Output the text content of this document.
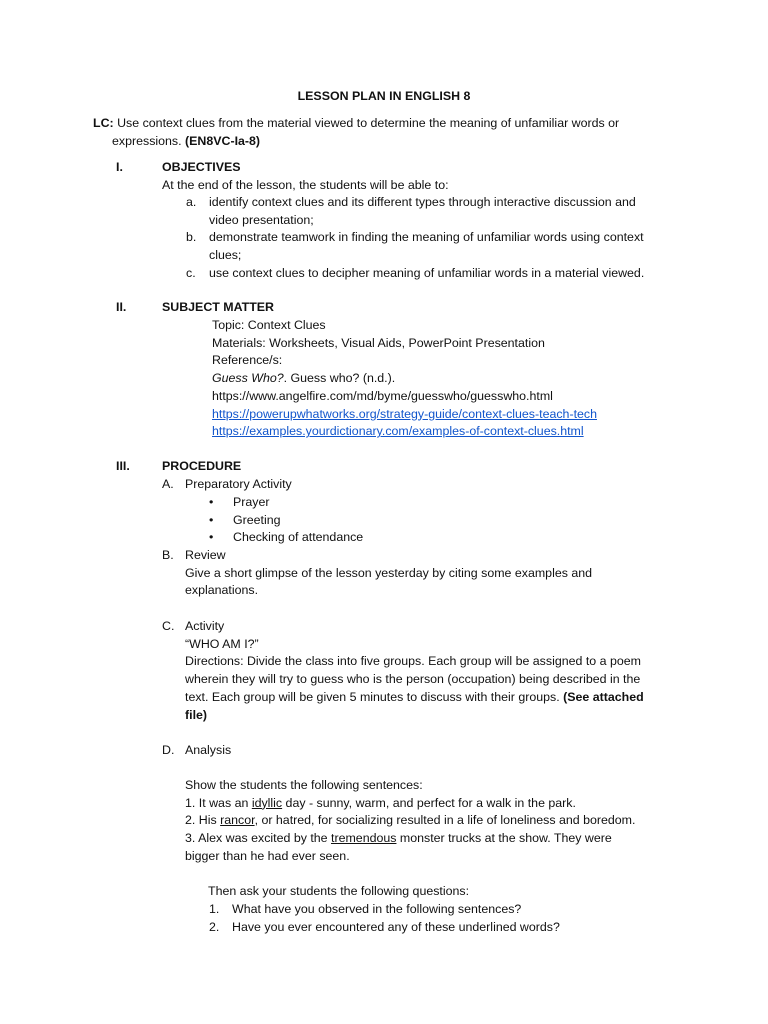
LESSON PLAN IN ENGLISH 8
LC: Use context clues from the material viewed to determine the meaning of unfamiliar words or
expressions. (EN8VC-Ia-8)
I.	OBJECTIVES
At the end of the lesson, the students will be able to:
a.	identify context clues and its different types through interactive discussion and
video presentation;
b.	demonstrate teamwork in finding the meaning of unfamiliar words using context
clues;
c.	use context clues to decipher meaning of unfamiliar words in a material viewed.
II.	SUBJECT MATTER
Topic: Context Clues
Materials: Worksheets, Visual Aids, PowerPoint Presentation
Reference/s:
Guess Who?. Guess who? (n.d.).
https://www.angelfire.com/md/byme/guesswho/guesswho.html
https://powerupwhatworks.org/strategy-guide/context-clues-teach-tech
https://examples.yourdictionary.com/examples-of-context-clues.html
III.	PROCEDURE
A. Preparatory Activity
•	Prayer
•	Greeting
•	Checking of attendance
B. Review
Give a short glimpse of the lesson yesterday by citing some examples and
explanations.
C. Activity
“WHO AM I?”
Directions: Divide the class into five groups. Each group will be assigned to a poem
wherein they will try to guess who is the person (occupation) being described in the
text. Each group will be given 5 minutes to discuss with their groups. (See attached
file)
D. Analysis
Show the students the following sentences:
1. It was an idyllic day - sunny, warm, and perfect for a walk in the park.
2. His rancor, or hatred, for socializing resulted in a life of loneliness and boredom.
3. Alex was excited by the tremendous monster trucks at the show. They were
bigger than he had ever seen.
Then ask your students the following questions:
1.	What have you observed in the following sentences?
2.	Have you ever encountered any of these underlined words?
